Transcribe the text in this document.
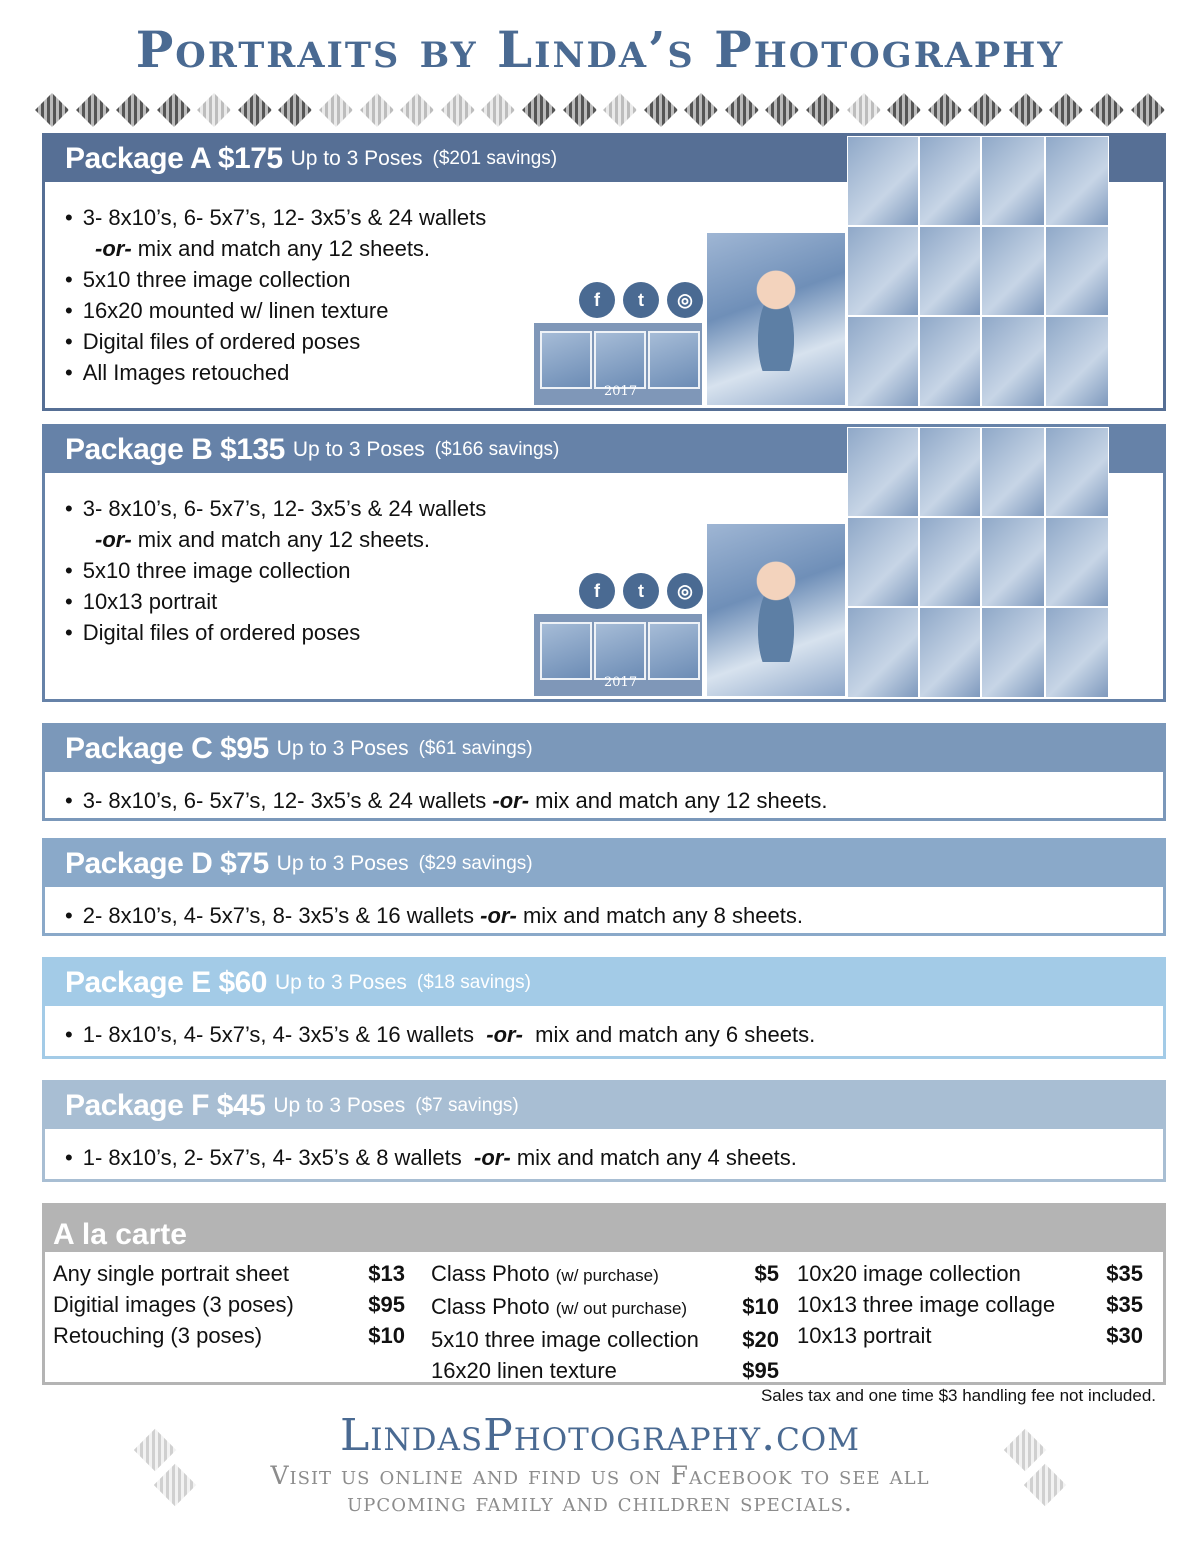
Portraits by Linda’s Photography
Package A $175 Up to 3 Poses ($201 savings)
• 3- 8x10’s, 6- 5x7’s, 12- 3x5’s & 24 wallets
-or- mix and match any 12 sheets.
• 5x10 three image collection
• 16x20 mounted w/ linen texture
• Digital files of ordered poses
• All Images retouched
f	t	◎
2017
Package B $135 Up to 3 Poses ($166 savings)
• 3- 8x10’s, 6- 5x7’s, 12- 3x5’s & 24 wallets
-or- mix and match any 12 sheets.
• 5x10 three image collection
• 10x13 portrait
• Digital files of ordered poses
f	t	◎
2017
Package C $95 Up to 3 Poses ($61 savings)
• 3- 8x10’s, 6- 5x7’s, 12- 3x5’s & 24 wallets -or- mix and match any 12 sheets.
Package D $75 Up to 3 Poses ($29 savings)
• 2- 8x10’s, 4- 5x7’s, 8- 3x5’s & 16 wallets -or- mix and match any 8 sheets.
Package E $60 Up to 3 Poses ($18 savings)
• 1- 8x10’s, 4- 5x7’s, 4- 3x5’s & 16 wallets -or- mix and match any 6 sheets.
Package F $45 Up to 3 Poses ($7 savings)
• 1- 8x10’s, 2- 5x7’s, 4- 3x5’s & 8 wallets -or- mix and match any 4 sheets.
A la carte
Any single portrait sheet	$13
Digitial images (3 poses)	$95
Retouching (3 poses)	$10
Class Photo (w/ purchase)	$5
Class Photo (w/ out purchase)	$10
5x10 three image collection $20
16x20 linen texture	$95
10x20 image collection	$35
10x13 three image collage $35
10x13 portrait	$30
Sales tax and one time $3 handling fee not included.
LindasPhotography.com
Visit us online and find us on Facebook to see all
upcoming family and children specials.
